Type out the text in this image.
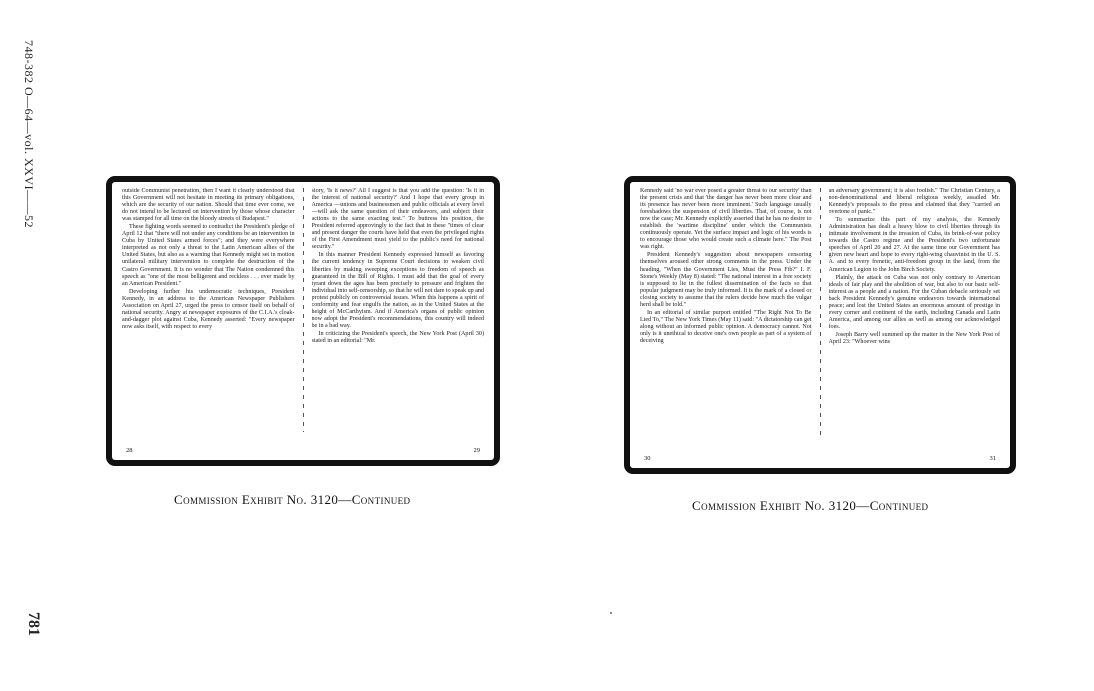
748-382 O—64—vol. XXVI——52
781

outside Communist penetration, then I want it clearly understood that this Government will not hesitate in meeting its primary obligations, which are the security of our nation. Should that time ever come, we do not intend to be lectured on intervention by those whose character was stamped for all time on the bloody streets of Budapest."

These fighting words seemed to contradict the President's pledge of April 12 that "there will not under any conditions be an intervention in Cuba by United States armed forces"; and they were everywhere interpreted as not only a threat to the Latin American allies of the United States, but also as a warning that Kennedy might set in motion unilateral military intervention to complete the destruction of the Castro Government. It is no wonder that The Nation condemned this speech as "one of the most belligerent and reckless . . . ever made by an American President."

Developing further his undemocratic techniques, President Kennedy, in an address to the American Newspaper Publishers Association on April 27, urged the press to censor itself on behalf of national security. Angry at newspaper exposures of the C.I.A.'s cloak-and-dagger plot against Cuba, Kennedy asserted: "Every newspaper now asks itself, with respect to every

story, 'Is it news?' All I suggest is that you add the question: 'Is it in the interest of national security?' And I hope that every group in America —unions and businessmen and public officials at every level—will ask the same question of their endeavors, and subject their actions to the same exacting test." To buttress his position, the President referred approvingly to the fact that in these "times of clear and present danger the courts have held that even the privileged rights of the First Amendment must yield to the public's need for national security."

In this manner President Kennedy expressed himself as favoring the current tendency in Supreme Court decisions to weaken civil liberties by making sweeping exceptions to freedom of speech as guaranteed in the Bill of Rights. I must add that the goal of every tyrant down the ages has been precisely to pressure and frighten the individual into self-censorship, so that he will not dare to speak up and protest publicly on controversial issues. When this happens a spirit of conformity and fear engulfs the nation, as in the United States at the height of McCarthyism. And if America's organs of public opinion now adopt the President's recommendations, this country will indeed be in a bad way.

In criticizing the President's speech, the New York Post (April 30) stated in an editorial: "Mr.

28	29

Kennedy said 'no war ever posed a greater threat to our security' than the present crisis and that 'the danger has never been more clear and its presence has never been more imminent.' Such language usually foreshadows the suspension of civil liberties. That, of course, is not now the case; Mr. Kennedy explicitly asserted that he has no desire to establish the 'wartime discipline' under which the Communists continuously operate. Yet the surface impact and logic of his words is to encourage those who would create such a climate here." The Post was right.

President Kennedy's suggestion about newspapers censoring themselves aroused other strong comments in the press. Under the heading, "When the Government Lies, Must the Press Fib?" I. F. Stone's Weekly (May 8) stated: "The national interest in a free society is supposed to lie in the fullest dissemination of the facts so that popular judgment may be truly informed. It is the mark of a closed or closing society to assume that the rulers decide how much the vulgar herd shall be told."

In an editorial of similar purport entitled "The Right Not To Be Lied To," The New York Times (May 11) said: "A dictatorship can get along without an informed public opinion. A democracy cannot. Not only is it unethical to deceive one's own people as part of a system of deceiving

an adversary government; it is also foolish." The Christian Century, a non-denominational and liberal religious weekly, assailed Mr. Kennedy's proposals to the press and claimed that they "carried an overtone of panic."

To summarize this part of my analysis, the Kennedy Administration has dealt a heavy blow to civil liberties through its intimate involvement in the invasion of Cuba, its brink-of-war policy towards the Castro regime and the President's two unfortunate speeches of April 20 and 27. At the same time our Government has given new heart and hope to every right-wing chauvinist in the U. S. A. and to every frenetic, anti-freedom group in the land, from the American Legion to the John Birch Society.

Plainly, the attack on Cuba was not only contrary to American ideals of fair play and the abolition of war, but also to our basic self-interest as a people and a nation. For the Cuban debacle seriously set back President Kennedy's genuine endeavors towards international peace; and lost the United States an enormous amount of prestige in every corner and continent of the earth, including Canada and Latin America, and among our allies as well as among our acknowledged foes.

Joseph Barry well summed up the matter in the New York Post of April 23: "Whoever wins

30	31
Commission Exhibit No. 3120—Continued	Commission Exhibit No. 3120—Continued
